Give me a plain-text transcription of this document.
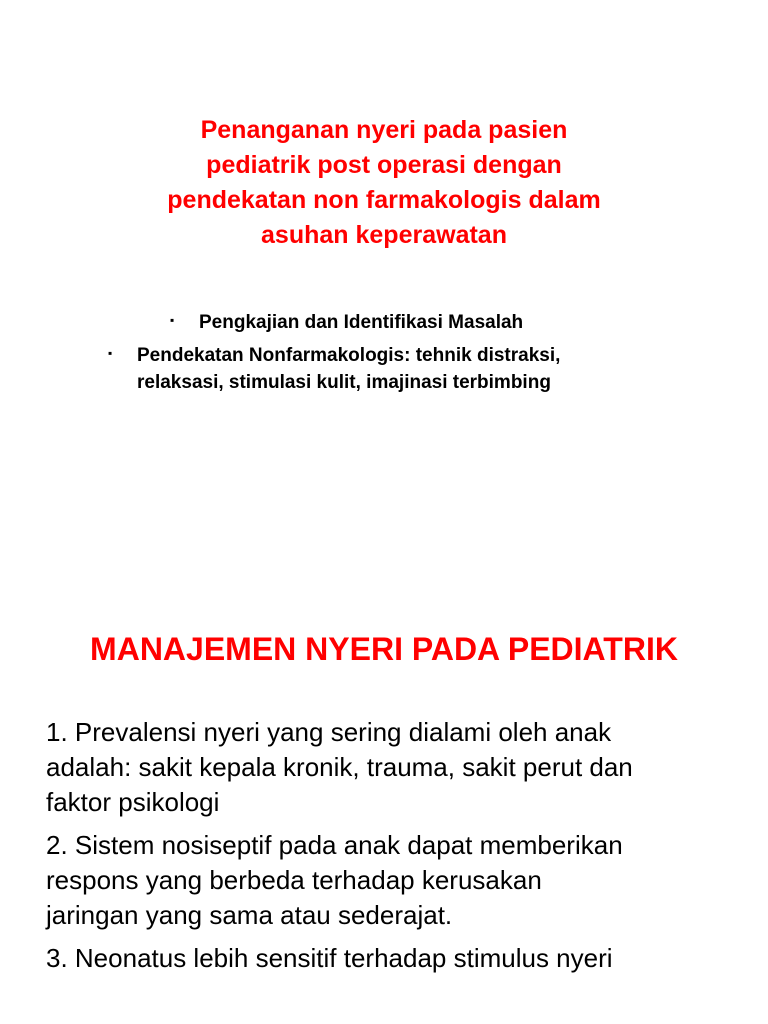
Penanganan nyeri pada pasien
pediatrik post operasi dengan
pendekatan non farmakologis dalam
asuhan keperawatan
▪	Pengkajian dan Identifikasi Masalah
▪	Pendekatan Nonfarmakologis: tehnik distraksi,
relaksasi, stimulasi kulit, imajinasi terbimbing
MANAJEMEN NYERI PADA PEDIATRIK

1. Prevalensi nyeri yang sering dialami oleh anak
adalah: sakit kepala kronik, trauma, sakit perut dan
faktor psikologi

2. Sistem nosiseptif pada anak dapat memberikan
respons yang berbeda terhadap kerusakan
jaringan yang sama atau sederajat.

3. Neonatus lebih sensitif terhadap stimulus nyeri
